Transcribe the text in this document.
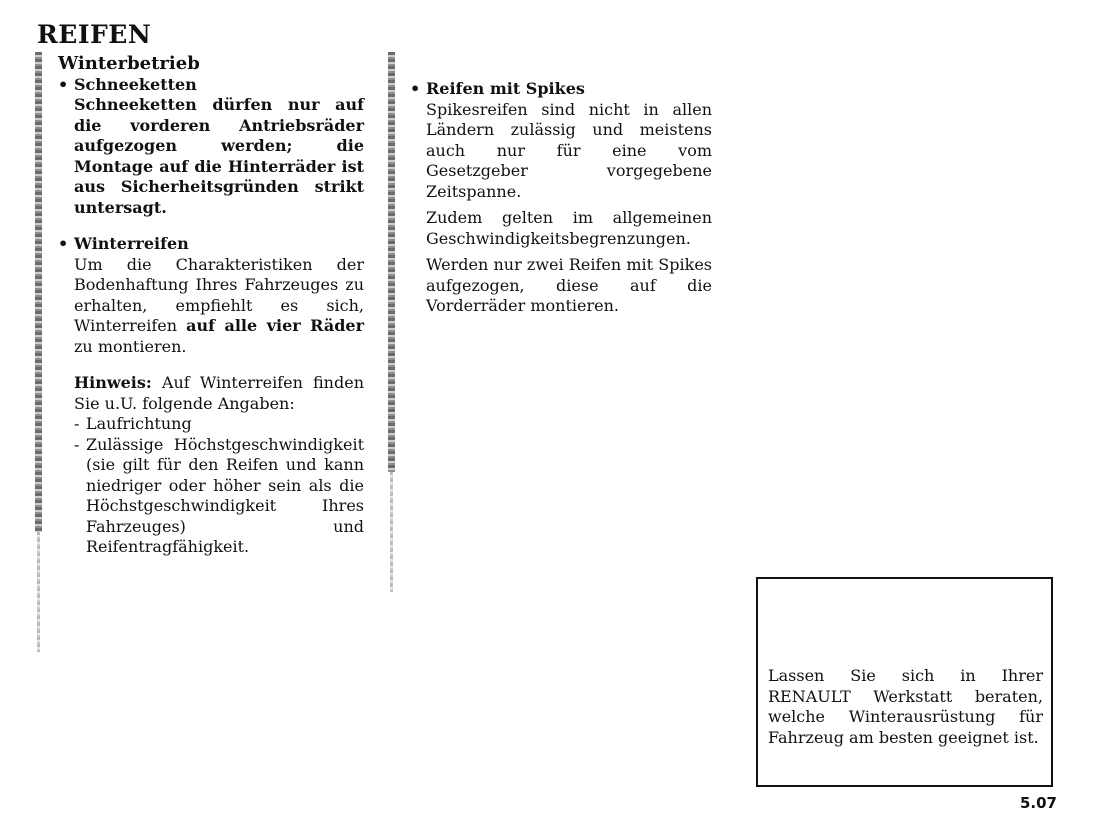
REIFEN

Winterbetrieb

• Schneeketten

Schneeketten dürfen nur auf die vorderen Antriebsräder aufgezogen werden; die Montage auf die Hinterräder ist aus Sicherheitsgründen strikt untersagt.

• Winterreifen

Um die Charakteristiken der Bodenhaftung Ihres Fahrzeuges zu erhalten, empfiehlt es sich, Winterreifen auf alle vier Räder zu montieren.

Hinweis: Auf Winterreifen finden Sie u.U. folgende Angaben:

- Laufrichtung

- Zulässige Höchstgeschwindigkeit (sie gilt für den Reifen und kann niedriger oder höher sein als die Höchstgeschwindigkeit Ihres Fahrzeuges) und Reifentragfähigkeit.

• Reifen mit Spikes

Spikesreifen sind nicht in allen Ländern zulässig und meistens auch nur für eine vom Gesetzgeber vorgegebene Zeitspanne.

Zudem gelten im allgemeinen Geschwindigkeitsbegrenzungen.

Werden nur zwei Reifen mit Spikes aufgezogen, diese auf die Vorderräder montieren.

Lassen Sie sich in Ihrer RENAULT Werkstatt beraten, welche Winterausrüstung für Fahrzeug am besten geeignet ist.

5.07
